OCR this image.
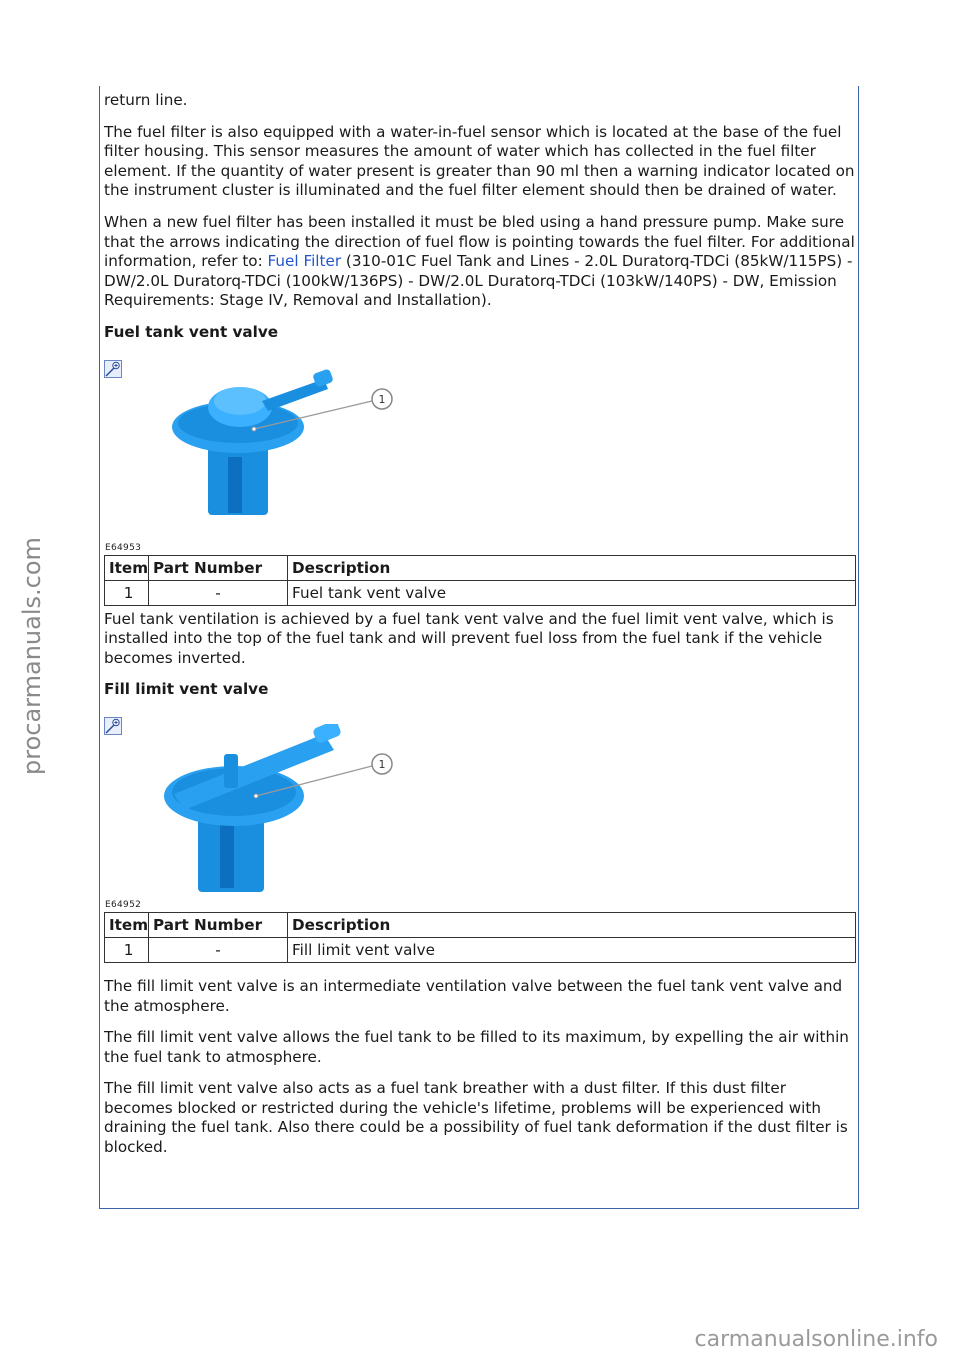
return line.

The fuel filter is also equipped with a water-in-fuel sensor which is located at the base of the fuel filter housing. This sensor measures the amount of water which has collected in the fuel filter element. If the quantity of water present is greater than 90 ml then a warning indicator located on the instrument cluster is illuminated and the fuel filter element should then be drained of water.

When a new fuel filter has been installed it must be bled using a hand pressure pump. Make sure that the arrows indicating the direction of fuel flow is pointing towards the fuel filter. For additional information, refer to: Fuel Filter (310-01C Fuel Tank and Lines - 2.0L Duratorq-TDCi (85kW/115PS) - DW/2.0L Duratorq-TDCi (100kW/136PS) - DW/2.0L Duratorq-TDCi (103kW/140PS) - DW, Emission Requirements: Stage IV, Removal and Installation).

Fuel tank vent valve
1
E64953
Item	Part Number	Description
1	-	Fuel tank vent valve

Fuel tank ventilation is achieved by a fuel tank vent valve and the fuel limit vent valve, which is installed into the top of the fuel tank and will prevent fuel loss from the fuel tank if the vehicle becomes inverted.

Fill limit vent valve
1
E64952
Item	Part Number	Description
1	-	Fill limit vent valve

The fill limit vent valve is an intermediate ventilation valve between the fuel tank vent valve and the atmosphere.

The fill limit vent valve allows the fuel tank to be filled to its maximum, by expelling the air within the fuel tank to atmosphere.

The fill limit vent valve also acts as a fuel tank breather with a dust filter. If this dust filter becomes blocked or restricted during the vehicle's lifetime, problems will be experienced with draining the fuel tank. Also there could be a possibility of fuel tank deformation if the dust filter is blocked.

procarmanuals.com
carmanualsonline.info
